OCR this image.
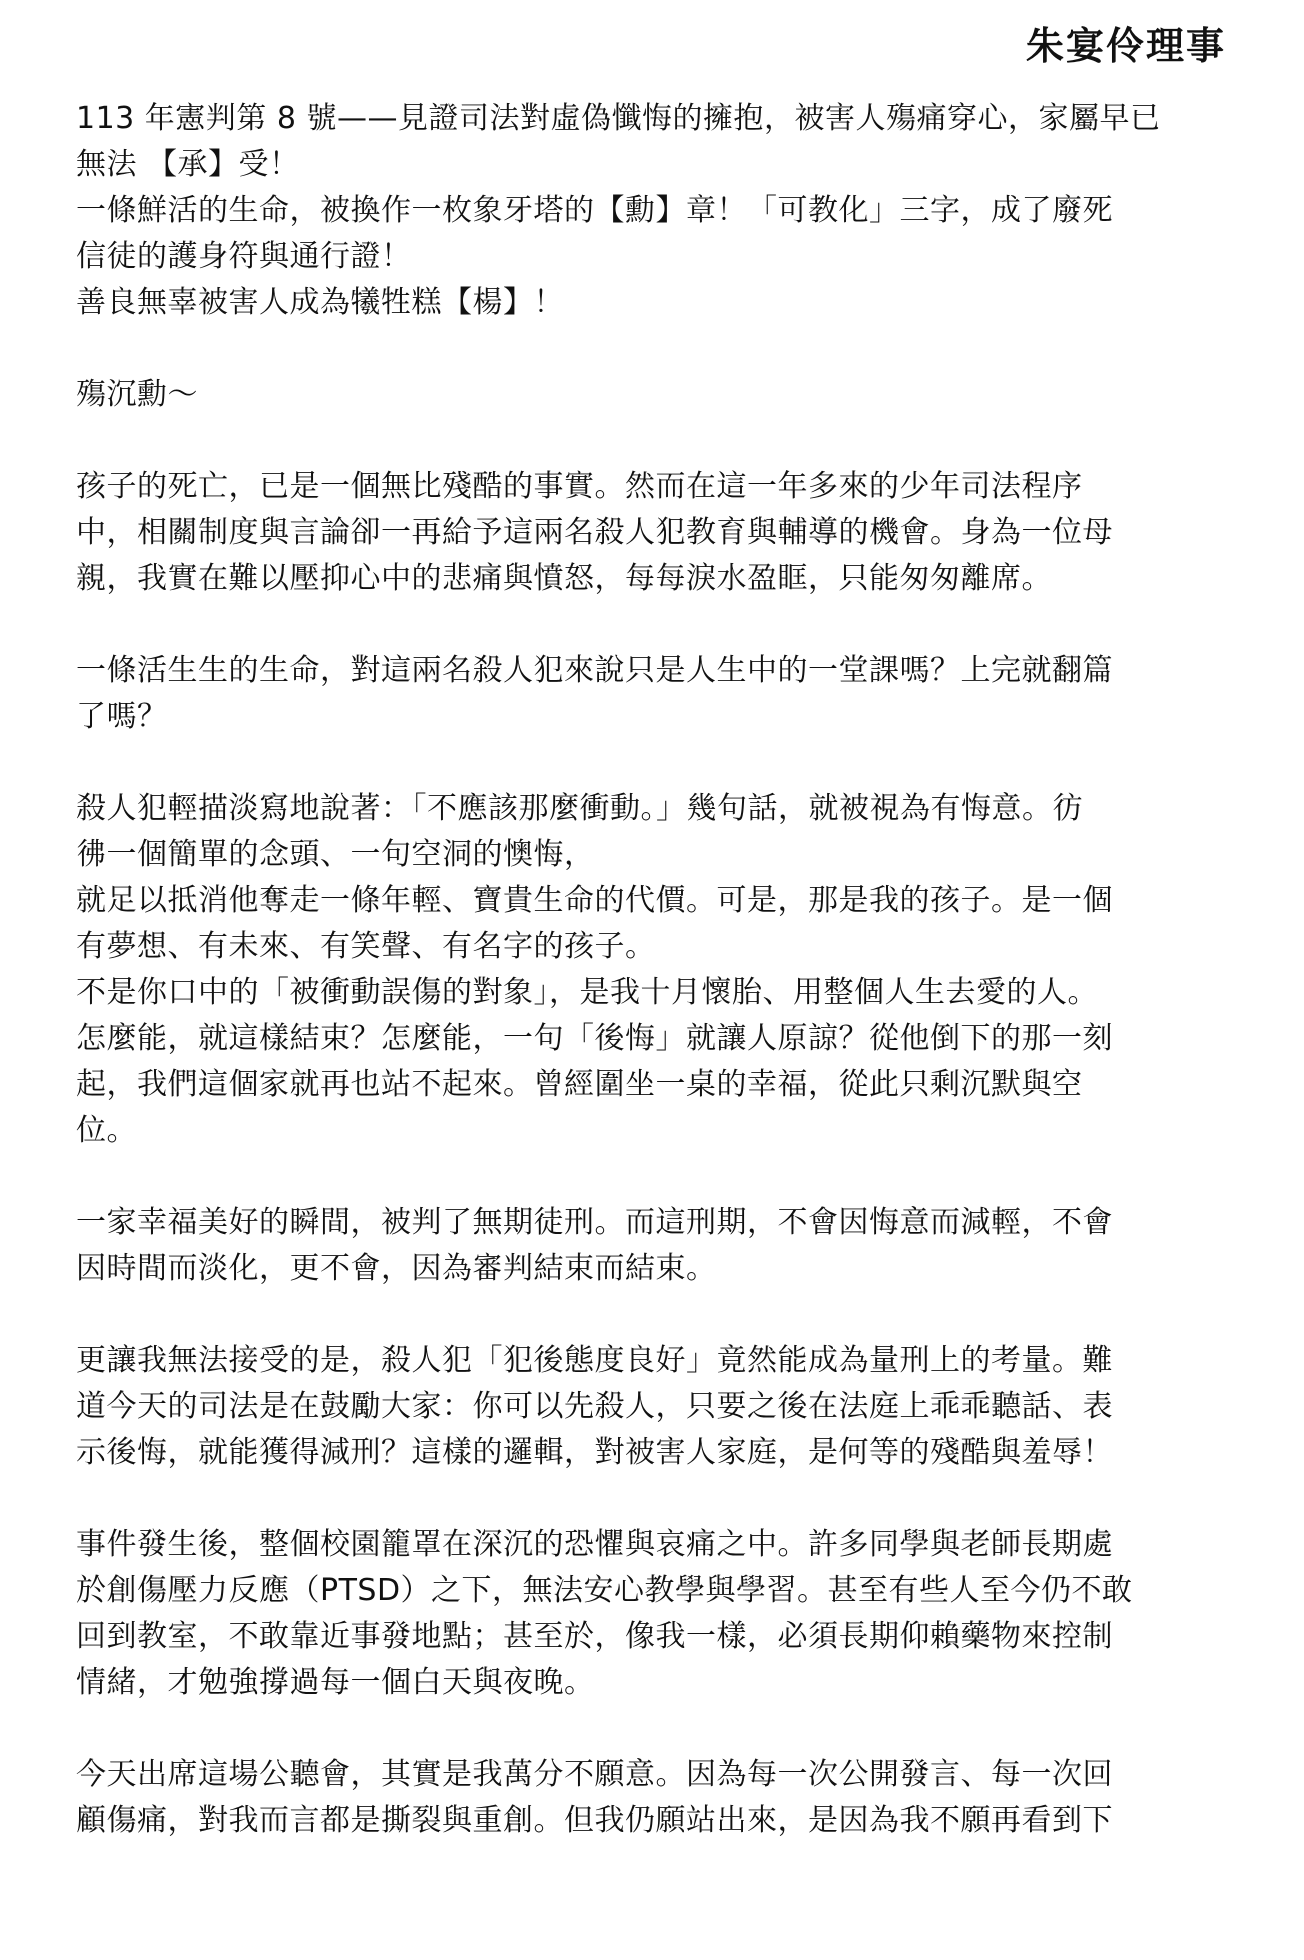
朱宴伶理事

113 年憲判第 8 號——見證司法對虛偽懺悔的擁抱，被害人殤痛穿心，家屬早已
無法 【承】受！
一條鮮活的生命，被換作一枚象牙塔的【勳】章！「可教化」三字，成了廢死
信徒的護身符與通行證！
善良無辜被害人成為犧牲糕【楊】！

殤沉勳～

孩子的死亡，已是一個無比殘酷的事實。然而在這一年多來的少年司法程序
中，相關制度與言論卻一再給予這兩名殺人犯教育與輔導的機會。身為一位母
親，我實在難以壓抑心中的悲痛與憤怒，每每淚水盈眶，只能匆匆離席。

一條活生生的生命，對這兩名殺人犯來說只是人生中的一堂課嗎？上完就翻篇
了嗎？

殺人犯輕描淡寫地說著：「不應該那麼衝動。」幾句話，就被視為有悔意。彷
彿一個簡單的念頭、一句空洞的懊悔，
就足以抵消他奪走一條年輕、寶貴生命的代價。可是，那是我的孩子。是一個
有夢想、有未來、有笑聲、有名字的孩子。
不是你口中的「被衝動誤傷的對象」，是我十月懷胎、用整個人生去愛的人。
怎麼能，就這樣結束？怎麼能，一句「後悔」就讓人原諒？從他倒下的那一刻
起，我們這個家就再也站不起來。曾經圍坐一桌的幸福，從此只剩沉默與空
位。

一家幸福美好的瞬間，被判了無期徒刑。而這刑期，不會因悔意而減輕，不會
因時間而淡化，更不會，因為審判結束而結束。

更讓我無法接受的是，殺人犯「犯後態度良好」竟然能成為量刑上的考量。難
道今天的司法是在鼓勵大家：你可以先殺人，只要之後在法庭上乖乖聽話、表
示後悔，就能獲得減刑？這樣的邏輯，對被害人家庭，是何等的殘酷與羞辱！

事件發生後，整個校園籠罩在深沉的恐懼與哀痛之中。許多同學與老師長期處
於創傷壓力反應（PTSD）之下，無法安心教學與學習。甚至有些人至今仍不敢
回到教室，不敢靠近事發地點；甚至於，像我一樣，必須長期仰賴藥物來控制
情緒，才勉強撐過每一個白天與夜晚。

今天出席這場公聽會，其實是我萬分不願意。因為每一次公開發言、每一次回
顧傷痛，對我而言都是撕裂與重創。但我仍願站出來，是因為我不願再看到下
